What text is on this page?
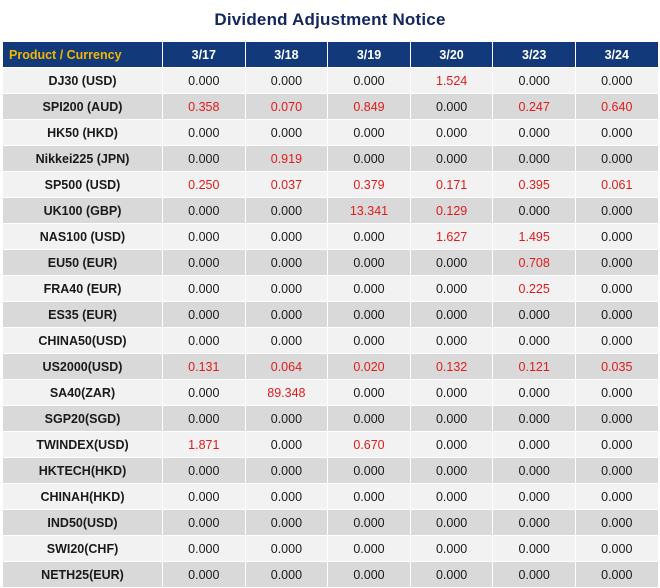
Dividend Adjustment Notice
Product / Currency	3/17	3/18	3/19	3/20	3/23	3/24
DJ30 (USD)	0.000	0.000	0.000	1.524	0.000	0.000
SPI200 (AUD)	0.358	0.070	0.849	0.000	0.247	0.640
HK50 (HKD)	0.000	0.000	0.000	0.000	0.000	0.000
Nikkei225 (JPN)	0.000	0.919	0.000	0.000	0.000	0.000
SP500 (USD)	0.250	0.037	0.379	0.171	0.395	0.061
UK100 (GBP)	0.000	0.000	13.341	0.129	0.000	0.000
NAS100 (USD)	0.000	0.000	0.000	1.627	1.495	0.000
EU50 (EUR)	0.000	0.000	0.000	0.000	0.708	0.000
FRA40 (EUR)	0.000	0.000	0.000	0.000	0.225	0.000
ES35 (EUR)	0.000	0.000	0.000	0.000	0.000	0.000
CHINA50(USD)	0.000	0.000	0.000	0.000	0.000	0.000
US2000(USD)	0.131	0.064	0.020	0.132	0.121	0.035
SA40(ZAR)	0.000	89.348	0.000	0.000	0.000	0.000
SGP20(SGD)	0.000	0.000	0.000	0.000	0.000	0.000
TWINDEX(USD)	1.871	0.000	0.670	0.000	0.000	0.000
HKTECH(HKD)	0.000	0.000	0.000	0.000	0.000	0.000
CHINAH(HKD)	0.000	0.000	0.000	0.000	0.000	0.000
IND50(USD)	0.000	0.000	0.000	0.000	0.000	0.000
SWI20(CHF)	0.000	0.000	0.000	0.000	0.000	0.000
NETH25(EUR)	0.000	0.000	0.000	0.000	0.000	0.000
